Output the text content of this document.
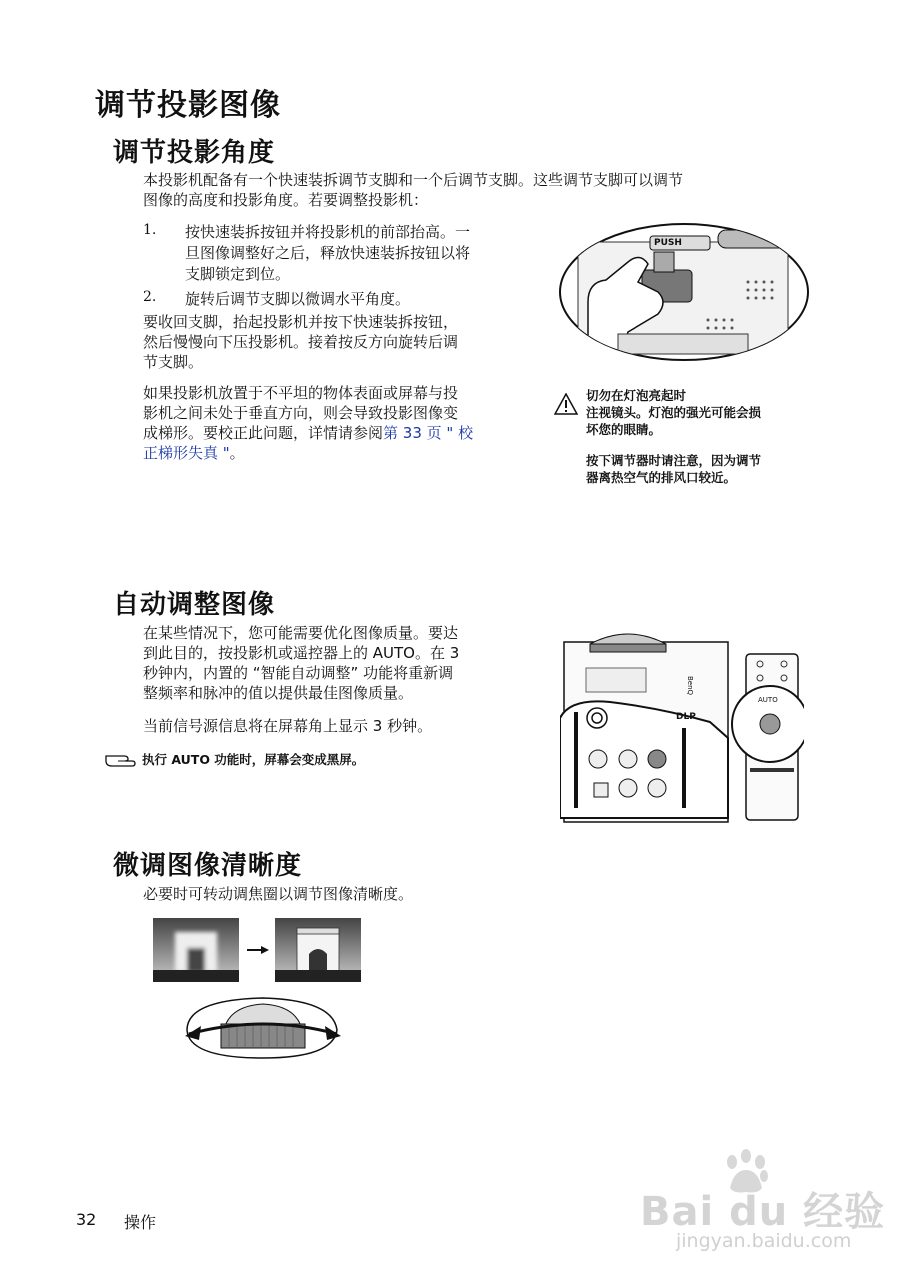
调节投影图像
调节投影角度
本投影机配备有一个快速装拆调节支脚和一个后调节支脚。这些调节支脚可以调节
图像的高度和投影角度。若要调整投影机：
1.	按快速装拆按钮并将投影机的前部抬高。一
旦图像调整好之后，释放快速装拆按钮以将
支脚锁定到位。
2.	旋转后调节支脚以微调水平角度。
要收回支脚，抬起投影机并按下快速装拆按钮，
然后慢慢向下压投影机。接着按反方向旋转后调
节支脚。
如果投影机放置于不平坦的物体表面或屏幕与投
影机之间未处于垂直方向，则会导致投影图像变
成梯形。要校正此问题，详情请参阅第 33 页 " 校
正梯形失真 "。
PUSH
切勿在灯泡亮起时
注视镜头。灯泡的强光可能会损
坏您的眼睛。
按下调节器时请注意，因为调节
器离热空气的排风口较近。
自动调整图像
在某些情况下，您可能需要优化图像质量。要达
到此目的，按投影机或遥控器上的 AUTO。在 3
秒钟内，内置的 “智能自动调整” 功能将重新调
整频率和脉冲的值以提供最佳图像质量。
当前信号源信息将在屏幕角上显示 3 秒钟。
执行 AUTO 功能时，屏幕会变成黑屏。
AUTO
DLP
BenQ
微调图像清晰度
必要时可转动调焦圈以调节图像清晰度。
Bai du 经验
jingyan.baidu.com
32 操作
